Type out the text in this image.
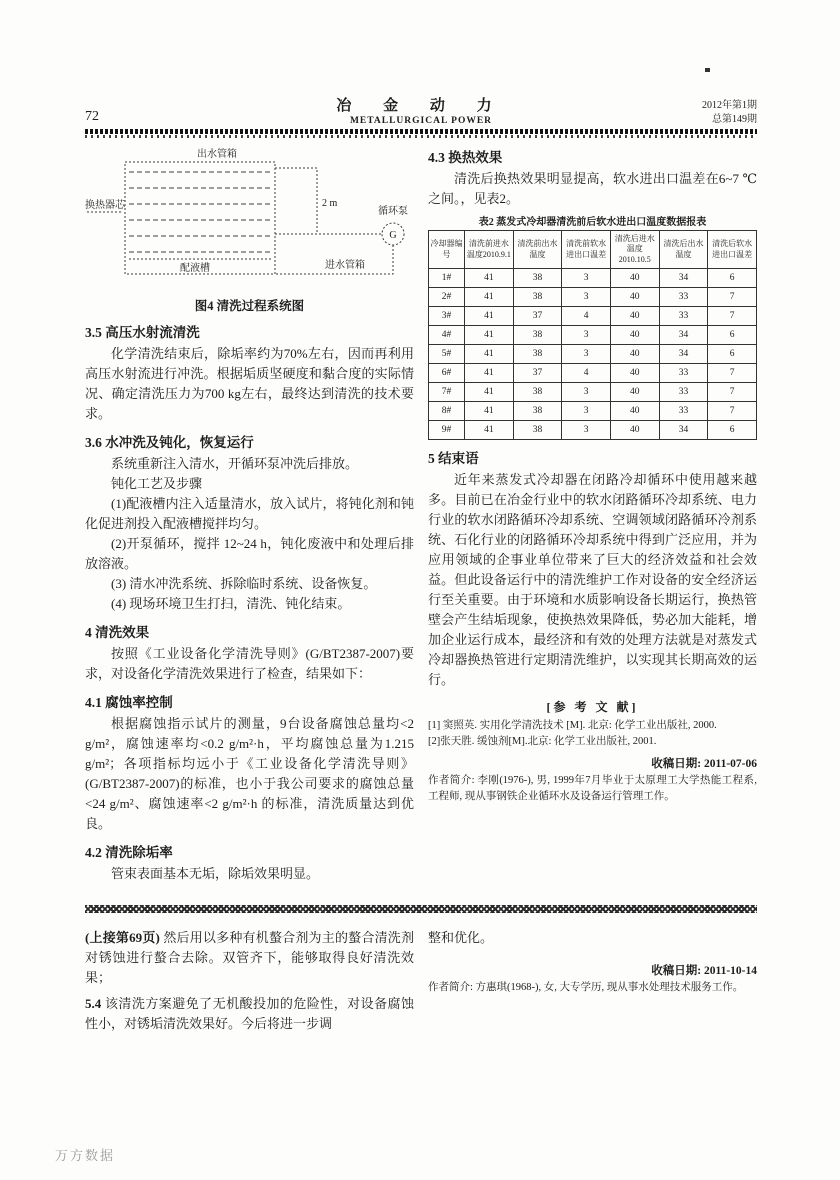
72
冶 金 动 力
METALLURGICAL POWER
2012年第1期
总第149期
G
出水管箱
换热器芯
循环泵
2 m
进水管箱
配液槽
图4 清洗过程系统图
3.5 高压水射流清洗

化学清洗结束后，除垢率约为70%左右，因而再利用高压水射流进行冲洗。根据垢质坚硬度和黏合度的实际情况、确定清洗压力为700 kg左右，最终达到清洗的技术要求。

3.6 水冲洗及钝化，恢复运行

系统重新注入清水，开循环泵冲洗后排放。

钝化工艺及步骤

(1)配液槽内注入适量清水，放入试片，将钝化剂和钝化促进剂投入配液槽搅拌均匀。

(2)开泵循环，搅拌 12~24 h，钝化废液中和处理后排放溶液。

(3) 清水冲洗系统、拆除临时系统、设备恢复。

(4) 现场环境卫生打扫，清洗、钝化结束。

4 清洗效果

按照《工业设备化学清洗导则》(G/BT2387-2007)要求，对设备化学清洗效果进行了检查，结果如下：

4.1 腐蚀率控制

根据腐蚀指示试片的测量，9台设备腐蚀总量均<2 g/m²，腐蚀速率均<0.2 g/m²·h，平均腐蚀总量为1.215 g/m²；各项指标均远小于《工业设备化学清洗导则》(G/BT2387-2007)的标准，也小于我公司要求的腐蚀总量<24 g/m²、腐蚀速率<2 g/m²·h 的标准，清洗质量达到优良。

4.2 清洗除垢率

管束表面基本无垢，除垢效果明显。

4.3 换热效果

清洗后换热效果明显提高，软水进出口温差在6~7 ℃之间。，见表2。

表2 蒸发式冷却器清洗前后软水进出口温度数据报表
冷却器编号	清洗前进水温度2010.9.1	清洗前出水温度	清洗前软水进出口温差	清洗后进水温度2010.10.5	清洗后出水温度	清洗后软水进出口温差
1#	41	38	3	40	34	6
2#	41	38	3	40	33	7
3#	41	37	4	40	33	7
4#	41	38	3	40	34	6
5#	41	38	3	40	34	6
6#	41	37	4	40	33	7
7#	41	38	3	40	33	7
8#	41	38	3	40	33	7
9#	41	38	3	40	34	6
5 结束语

近年来蒸发式冷却器在闭路冷却循环中使用越来越多。目前已在冶金行业中的软水闭路循环冷却系统、电力行业的软水闭路循环冷却系统、空调领域闭路循环冷剂系统、石化行业的闭路循环冷却系统中得到广泛应用，并为应用领域的企事业单位带来了巨大的经济效益和社会效益。但此设备运行中的清洗维护工作对设备的安全经济运行至关重要。由于环境和水质影响设备长期运行，换热管壁会产生结垢现象，使换热效果降低，势必加大能耗，增加企业运行成本，最经济和有效的处理方法就是对蒸发式冷却器换热管进行定期清洗维护，以实现其长期高效的运行。

[参 考 文 献]

[1] 窦照英. 实用化学清洗技术 [M]. 北京: 化学工业出版社, 2000.

[2]张天胜. 缓蚀剂[M].北京: 化学工业出版社, 2001.

收稿日期: 2011-07-06

作者简介: 李刚(1976-), 男, 1999年7月毕业于太原理工大学热能工程系, 工程师, 现从事钢铁企业循环水及设备运行管理工作。

(上接第69页) 然后用以多种有机螯合剂为主的螯合清洗剂对锈蚀进行螯合去除。双管齐下，能够取得良好清洗效果；

5.4 该清洗方案避免了无机酸投加的危险性，对设备腐蚀性小，对锈垢清洗效果好。今后将进一步调

整和优化。

收稿日期: 2011-10-14

作者简介: 方惠琪(1968-), 女, 大专学历, 现从事水处理技术服务工作。

万方数据
